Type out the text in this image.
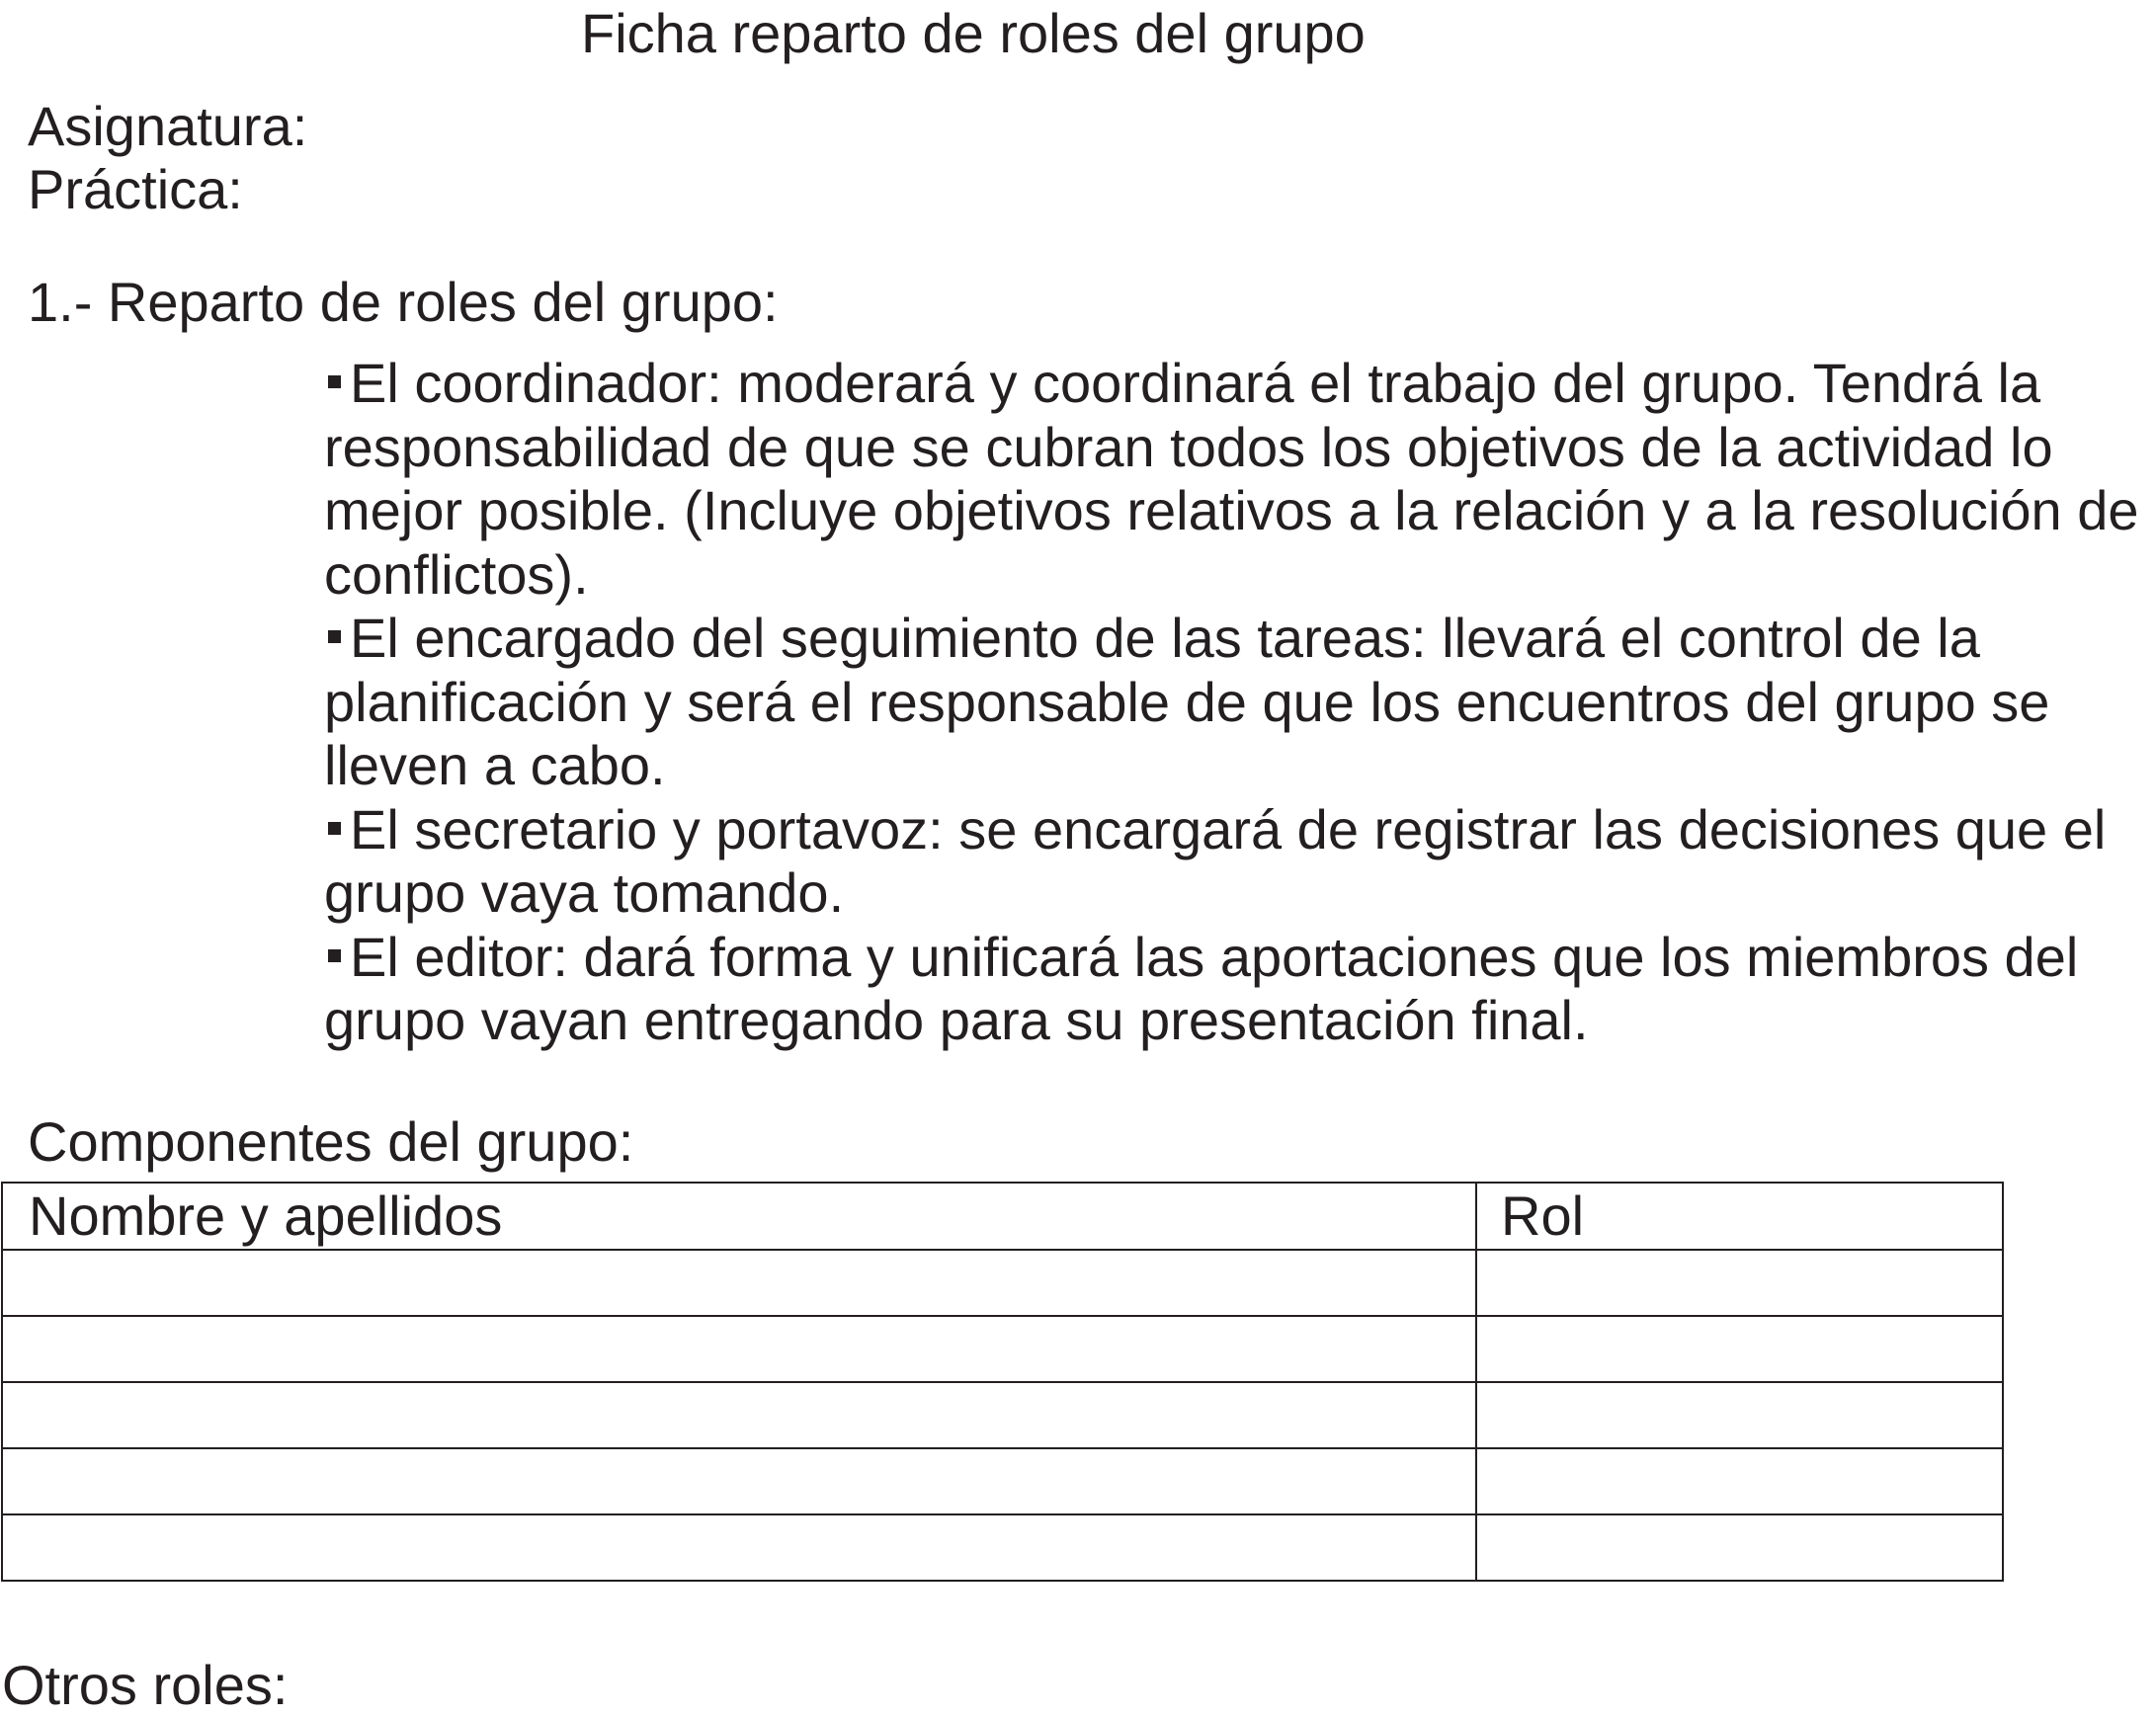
Ficha reparto de roles del grupo
Asignatura:
Práctica:
1.- Reparto de roles del grupo:
El coordinador: moderará y coordinará el trabajo del grupo. Tendrá la
responsabilidad de que se cubran todos los objetivos de la actividad lo
mejor posible. (Incluye objetivos relativos a la relación y a la resolución de
conflictos).
El encargado del seguimiento de las tareas: llevará el control de la
planificación y será el responsable de que los encuentros del grupo se
lleven a cabo.
El secretario y portavoz: se encargará de registrar las decisiones que el
grupo vaya tomando.
El editor: dará forma y unificará las aportaciones que los miembros del
grupo vayan entregando para su presentación final.
Componentes del grupo:
Nombre y apellidos	Rol

Otros roles:
